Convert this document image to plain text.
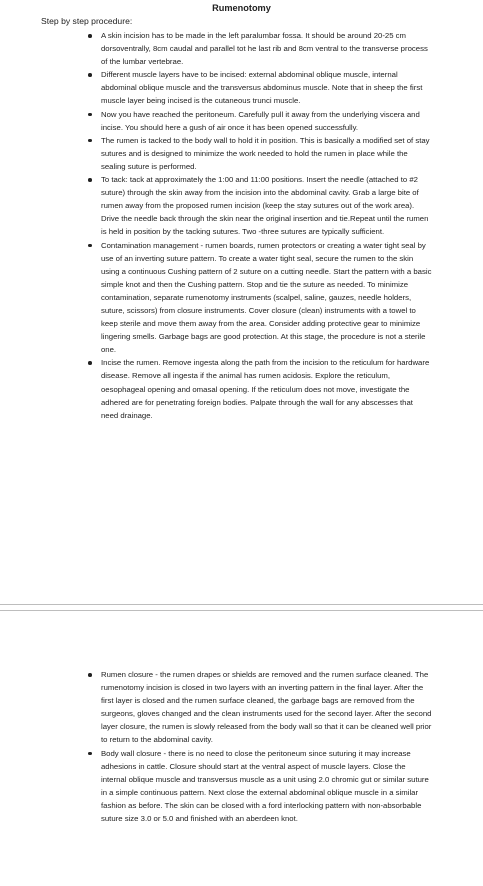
Rumenotomy

Step by step procedure:

A skin incision has to be made in the left paralumbar fossa. It should be around 20-25 cm dorsoventrally, 8cm caudal and parallel tot he last rib and 8cm ventral to the transverse process of the lumbar vertebrae.
Different muscle layers have to be incised: external abdominal oblique muscle, internal abdominal oblique muscle and the transversus abdominus muscle. Note that in sheep the first muscle layer being incised is the cutaneous trunci muscle.
Now you have reached the peritoneum. Carefully pull it away from the underlying viscera and incise. You should here a gush of air once it has been opened successfully.
The rumen is tacked to the body wall to hold it in position. This is basically a modified set of stay sutures and is designed to minimize the work needed to hold the rumen in place while the sealing suture is performed.
To tack: tack at approximately the 1:00 and 11:00 positions. Insert the needle (attached to #2 suture) through the skin away from the incision into the abdominal cavity. Grab a large bite of rumen away from the proposed rumen incision (keep the stay sutures out of the work area). Drive the needle back through the skin near the original insertion and tie.Repeat until the rumen is held in position by the tacking sutures. Two -three sutures are typically sufficient.
Contamination management - rumen boards, rumen protectors or creating a water tight seal by use of an inverting suture pattern. To create a water tight seal, secure the rumen to the skin using a continuous Cushing pattern of 2 suture on a cutting needle. Start the pattern with a basic simple knot and then the Cushing pattern. Stop and tie the suture as needed. To minimize contamination, separate rumenotomy instruments (scalpel, saline, gauzes, needle holders, suture, scissors) from closure instruments. Cover closure (clean) instruments with a towel to keep sterile and move them away from the area. Consider adding protective gear to minimize lingering smells. Garbage bags are good protection. At this stage, the procedure is not a sterile one.
Incise the rumen. Remove ingesta along the path from the incision to the reticulum for hardware disease. Remove all ingesta if the animal has rumen acidosis. Explore the reticulum, oesophageal opening and omasal opening. If the reticulum does not move, investigate the adhered are for penetrating foreign bodies. Palpate through the wall for any abscesses that need drainage.
Rumen closure - the rumen drapes or shields are removed and the rumen surface cleaned. The rumenotomy incision is closed in two layers with an inverting pattern in the final layer. After the first layer is closed and the rumen surface cleaned, the garbage bags are removed from the surgeons, gloves changed and the clean instruments used for the second layer. After the second layer closure, the rumen is slowly released from the body wall so that it can be cleaned well prior to return to the abdominal cavity.
Body wall closure - there is no need to close the peritoneum since suturing it may increase adhesions in cattle. Closure should start at the ventral aspect of muscle layers. Close the internal oblique muscle and transversus muscle as a unit using 2.0 chromic gut or similar suture in a simple continuous pattern. Next close the external abdominal oblique muscle in a similar fashion as before. The skin can be closed with a ford interlocking pattern with non-absorbable suture size 3.0 or 5.0 and finished with an aberdeen knot.
